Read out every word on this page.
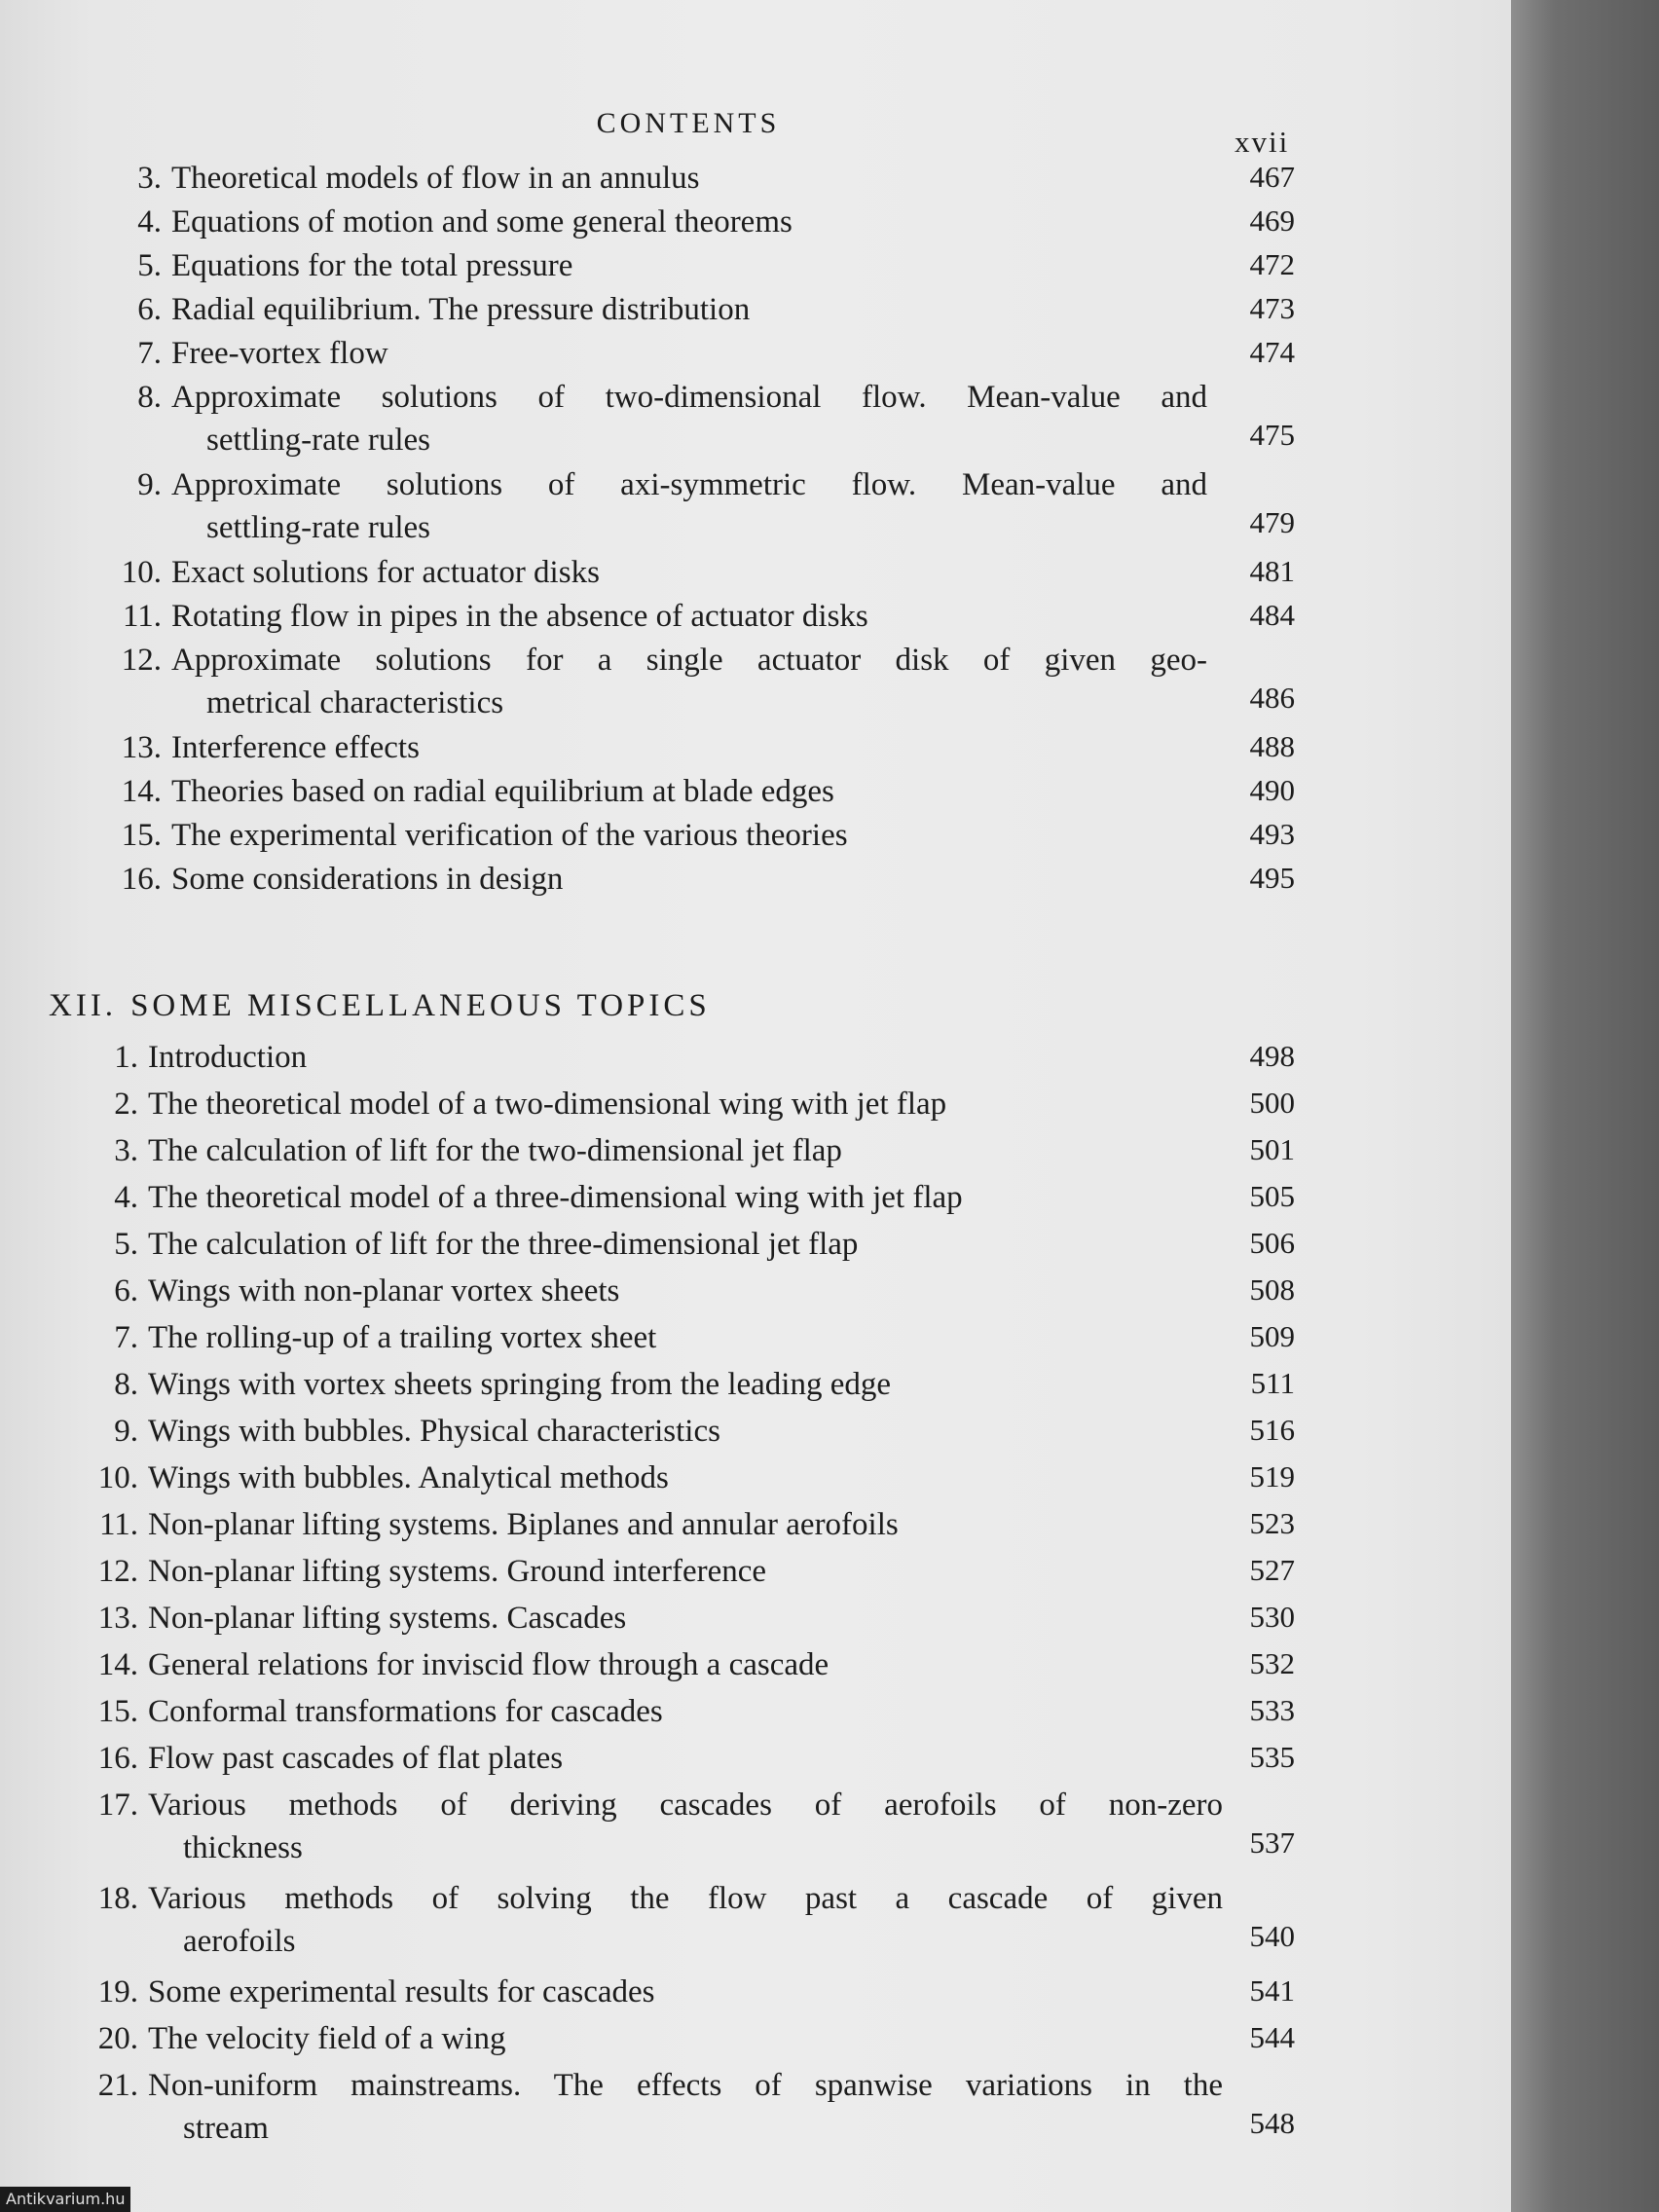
CONTENTS
xvii
3. Theoretical models of flow in an annulus	467
4. Equations of motion and some general theorems	469
5. Equations for the total pressure	472
6. Radial equilibrium. The pressure distribution	473
7. Free-vortex flow	474
8. Approximate solutions of two-dimensional flow. Mean-value and
settling-rate rules	475
9. Approximate solutions of axi-symmetric flow. Mean-value and
settling-rate rules	479
10. Exact solutions for actuator disks	481
11. Rotating flow in pipes in the absence of actuator disks	484
12. Approximate solutions for a single actuator disk of given geo-
metrical characteristics	486
13. Interference effects	488
14. Theories based on radial equilibrium at blade edges	490
15. The experimental verification of the various theories	493
16. Some considerations in design	495
XII. SOME MISCELLANEOUS TOPICS
1. Introduction	498
2. The theoretical model of a two-dimensional wing with jet flap	500
3. The calculation of lift for the two-dimensional jet flap	501
4. The theoretical model of a three-dimensional wing with jet flap	505
5. The calculation of lift for the three-dimensional jet flap	506
6. Wings with non-planar vortex sheets	508
7. The rolling-up of a trailing vortex sheet	509
8. Wings with vortex sheets springing from the leading edge	511
9. Wings with bubbles. Physical characteristics	516
10. Wings with bubbles. Analytical methods	519
11. Non-planar lifting systems. Biplanes and annular aerofoils	523
12. Non-planar lifting systems. Ground interference	527
13. Non-planar lifting systems. Cascades	530
14. General relations for inviscid flow through a cascade	532
15. Conformal transformations for cascades	533
16. Flow past cascades of flat plates	535
17. Various methods of deriving cascades of aerofoils of non-zero
thickness	537
18. Various methods of solving the flow past a cascade of given
aerofoils	540
19. Some experimental results for cascades	541
20. The velocity field of a wing	544
21. Non-uniform mainstreams. The effects of spanwise variations in the
stream	548
Antikvarium.hu
